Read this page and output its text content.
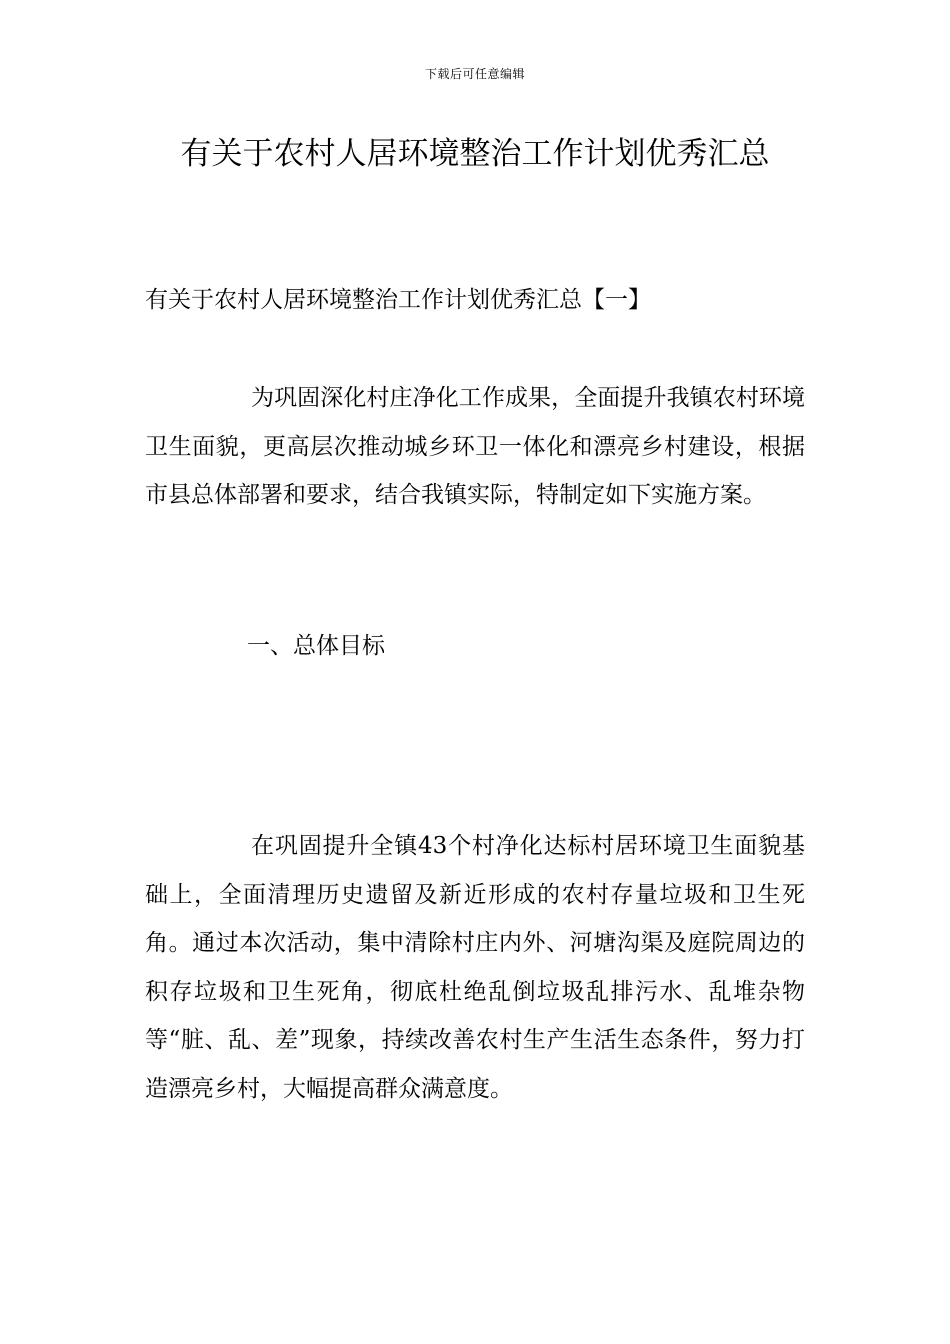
下载后可任意编辑
有关于农村人居环境整治工作计划优秀汇总
有关于农村人居环境整治工作计划优秀汇总【一】

为巩固深化村庄净化工作成果，全面提升我镇农村环境卫生面貌，更高层次推动城乡环卫一体化和漂亮乡村建设，根据市县总体部署和要求，结合我镇实际，特制定如下实施方案。

一、总体目标

在巩固提升全镇43个村净化达标村居环境卫生面貌基础上，全面清理历史遗留及新近形成的农村存量垃圾和卫生死角。通过本次活动，集中清除村庄内外、河塘沟渠及庭院周边的积存垃圾和卫生死角，彻底杜绝乱倒垃圾乱排污水、乱堆杂物等“脏、乱、差”现象，持续改善农村生产生活生态条件，努力打造漂亮乡村，大幅提高群众满意度。
